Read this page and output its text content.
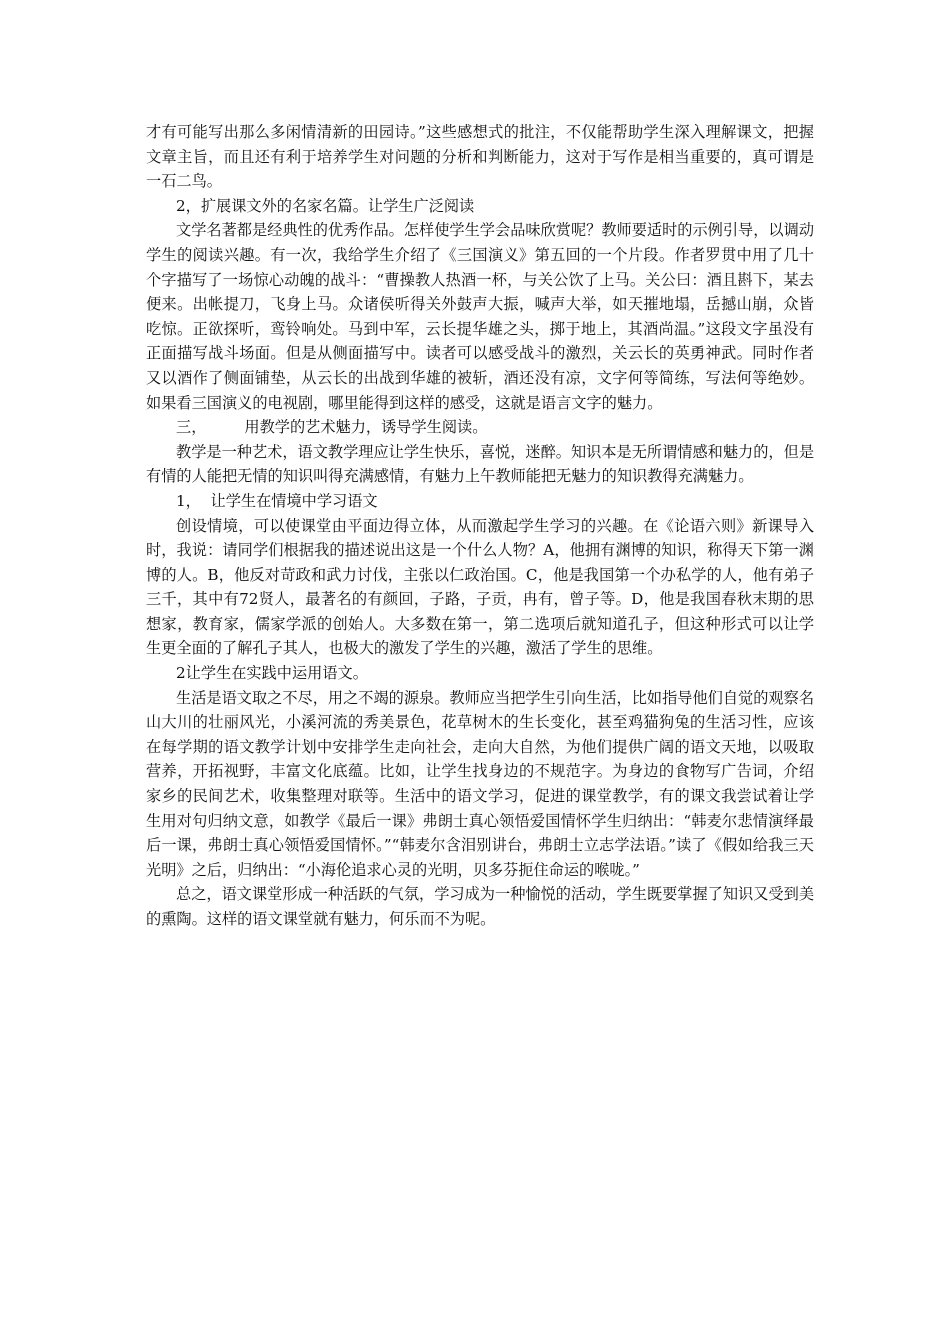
才有可能写出那么多闲情清新的田园诗。”这些感想式的批注，不仅能帮助学生深入理解课文，把握文章主旨，而且还有利于培养学生对问题的分析和判断能力，这对于写作是相当重要的，真可谓是一石二鸟。

2，扩展课文外的名家名篇。让学生广泛阅读

文学名著都是经典性的优秀作品。怎样使学生学会品味欣赏呢？教师要适时的示例引导，以调动学生的阅读兴趣。有一次，我给学生介绍了《三国演义》第五回的一个片段。作者罗贯中用了几十个字描写了一场惊心动魄的战斗：“曹操教人热酒一杯，与关公饮了上马。关公曰：酒且斟下，某去便来。出帐提刀，飞身上马。众诸侯听得关外鼓声大振，喊声大举，如天摧地塌，岳撼山崩，众皆吃惊。正欲探听，鸾铃响处。马到中军，云长提华雄之头，掷于地上，其酒尚温。”这段文字虽没有正面描写战斗场面。但是从侧面描写中。读者可以感受战斗的激烈，关云长的英勇神武。同时作者又以酒作了侧面铺垫，从云长的出战到华雄的被斩，酒还没有凉，文字何等简练，写法何等绝妙。如果看三国演义的电视剧，哪里能得到这样的感受，这就是语言文字的魅力。

三，	用教学的艺术魅力，诱导学生阅读。

教学是一种艺术，语文教学理应让学生快乐，喜悦，迷醉。知识本是无所谓情感和魅力的，但是有情的人能把无情的知识叫得充满感情，有魅力上午教师能把无魅力的知识教得充满魅力。

1，  让学生在情境中学习语文

创设情境，可以使课堂由平面边得立体，从而激起学生学习的兴趣。在《论语六则》新课导入时，我说：请同学们根据我的描述说出这是一个什么人物？A，他拥有渊博的知识，称得天下第一渊博的人。B，他反对苛政和武力讨伐，主张以仁政治国。C，他是我国第一个办私学的人，他有弟子三千，其中有72贤人，最著名的有颜回，子路，子贡，冉有，曾子等。D，他是我国春秋末期的思想家，教育家，儒家学派的创始人。大多数在第一，第二选项后就知道孔子，但这种形式可以让学生更全面的了解孔子其人，也极大的激发了学生的兴趣，激活了学生的思维。

2让学生在实践中运用语文。

生活是语文取之不尽，用之不竭的源泉。教师应当把学生引向生活，比如指导他们自觉的观察名山大川的壮丽风光，小溪河流的秀美景色，花草树木的生长变化，甚至鸡猫狗兔的生活习性，应该在每学期的语文教学计划中安排学生走向社会，走向大自然，为他们提供广阔的语文天地，以吸取营养，开拓视野，丰富文化底蕴。比如，让学生找身边的不规范字。为身边的食物写广告词，介绍家乡的民间艺术，收集整理对联等。生活中的语文学习，促进的课堂教学，有的课文我尝试着让学生用对句归纳文意，如教学《最后一课》弗朗士真心领悟爱国情怀学生归纳出：“韩麦尔悲情演绎最后一课，弗朗士真心领悟爱国情怀。”“韩麦尔含泪别讲台，弗朗士立志学法语。”读了《假如给我三天光明》之后，归纳出：“小海伦追求心灵的光明，贝多芬扼住命运的喉咙。”

总之，语文课堂形成一种活跃的气氛，学习成为一种愉悦的活动，学生既要掌握了知识又受到美的熏陶。这样的语文课堂就有魅力，何乐而不为呢。
